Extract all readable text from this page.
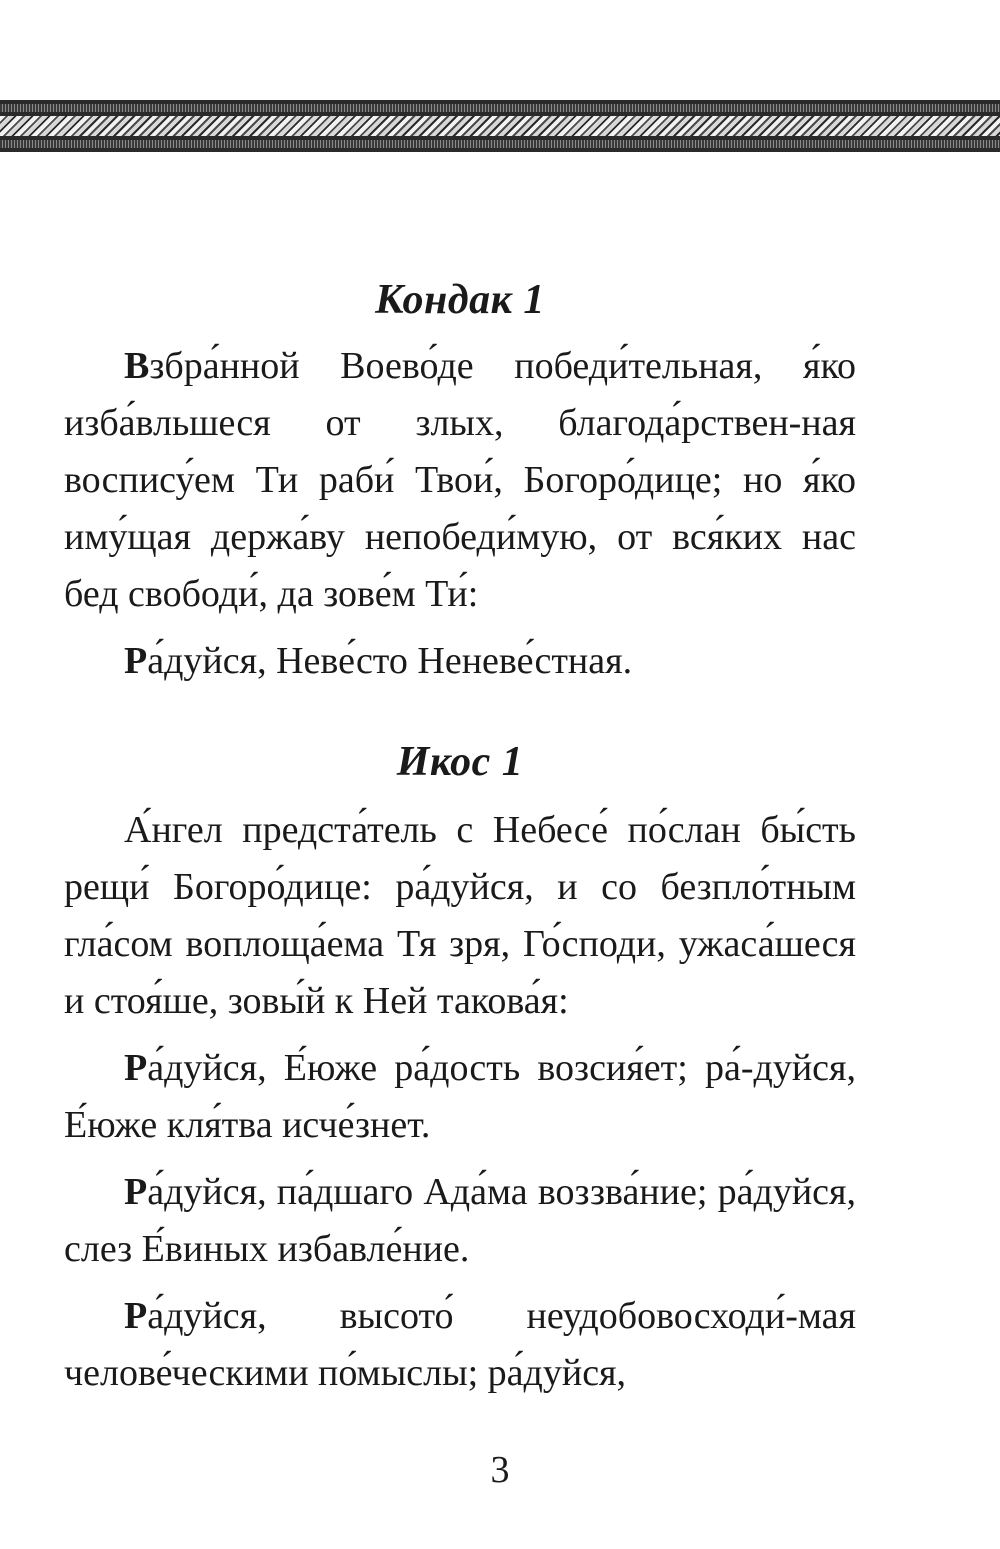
Кондак 1

Взбра́нной Воево́де победи́тельная, я́ко изба́вльшеся от злых, благода́рствен-ная воспису́ем Ти раби́ Твои́, Богоро́дице; но я́ко иму́щая держа́ву непобеди́мую, от вся́ких нас бед свободи́, да зове́м Ти́:

Ра́дуйся, Неве́сто Неневе́стная.

Икос 1

А́нгел предста́тель с Небесе́ по́слан бы́сть рещи́ Богоро́дице: ра́дуйся, и со безпло́тным гла́сом воплоща́ема Тя зря, Го́споди, ужаса́шеся и стоя́ше, зовы́й к Ней такова́я:

Ра́дуйся, Е́юже ра́дость возсия́ет; ра́-дуйся, Е́юже кля́тва исче́знет.

Ра́дуйся, па́дшаго Ада́ма воззва́ние; ра́дуйся, слез Е́виных избавле́ние.

Ра́дуйся, высото́ неудобовосходи́-мая челове́ческими по́мыслы; ра́дуйся,

3
